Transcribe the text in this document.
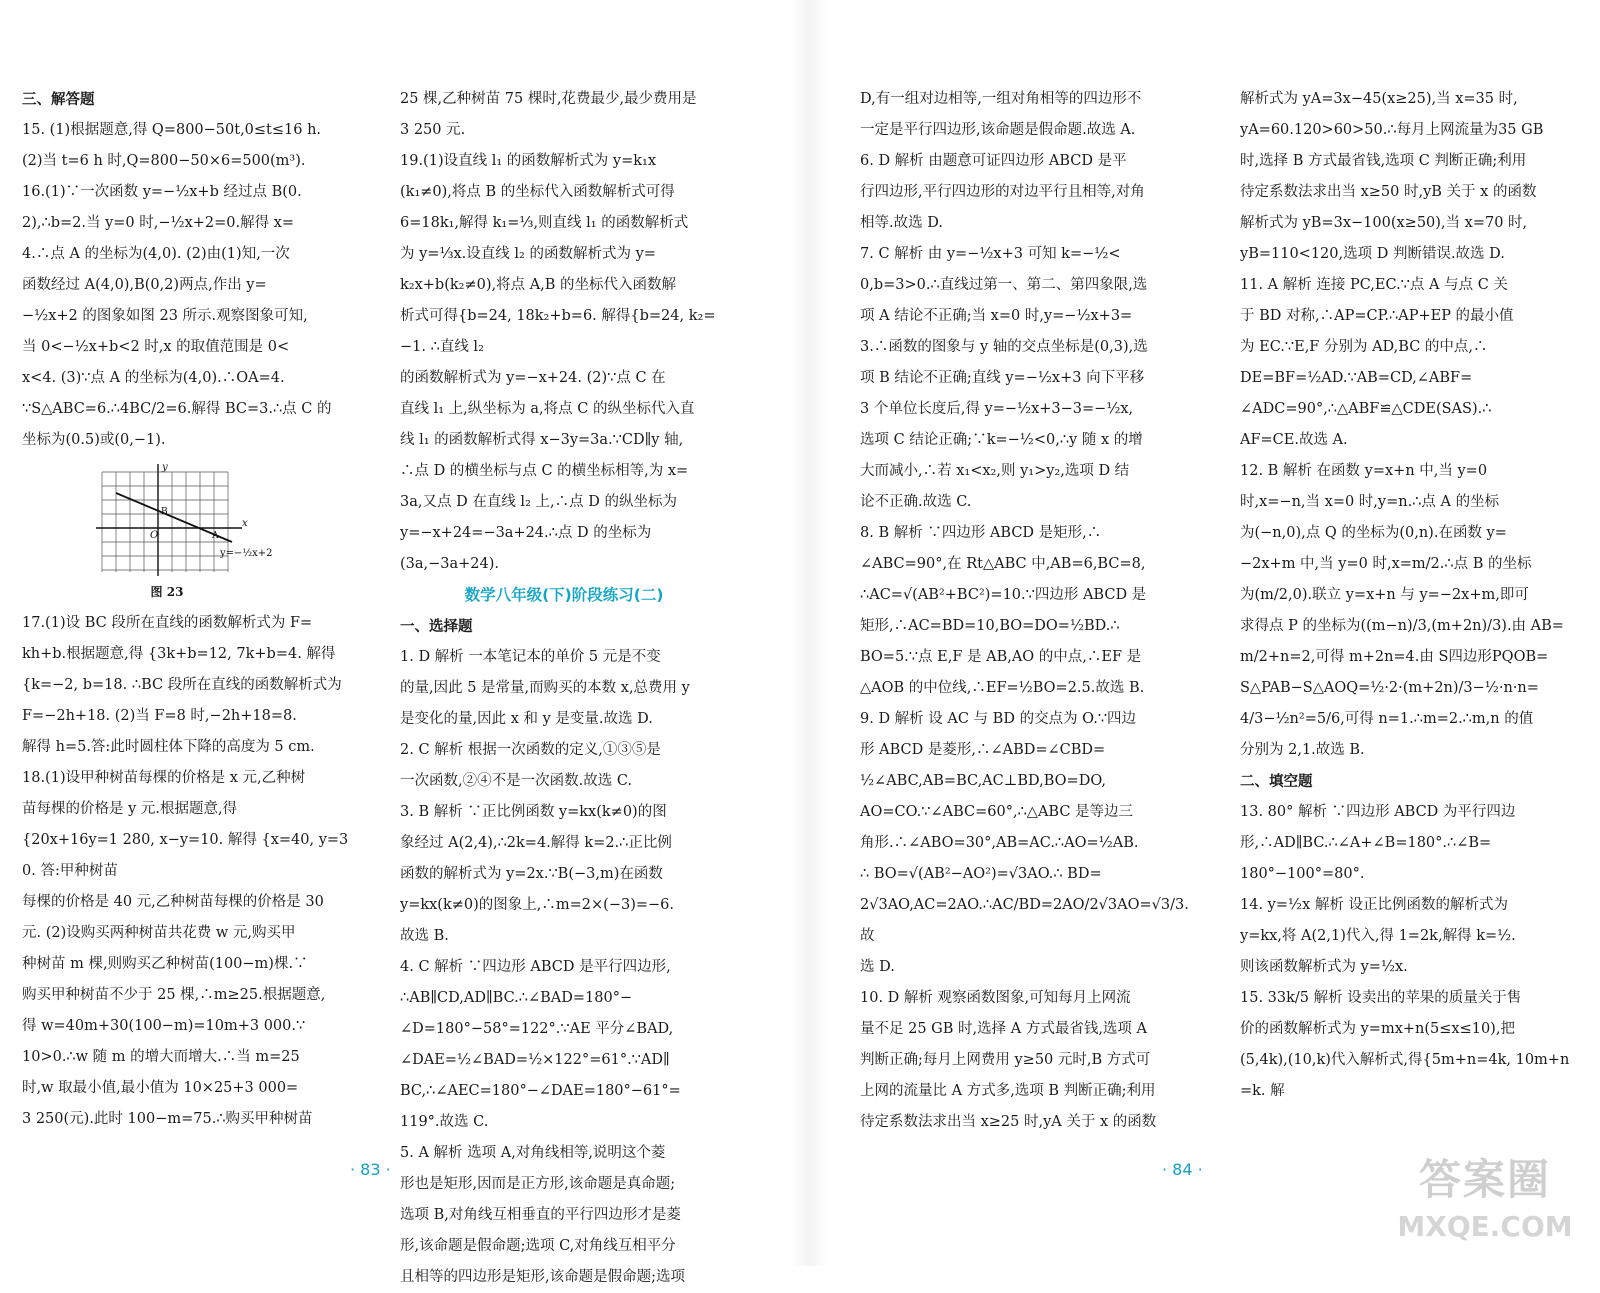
三、解答题

15. (1)根据题意,得 Q=800−50t,0≤t≤16 h.

(2)当 t=6 h 时,Q=800−50×6=500(m³).

16.(1)∵一次函数 y=−½x+b 经过点 B(0.

2),∴b=2.当 y=0 时,−½x+2=0.解得 x=

4.∴点 A 的坐标为(4,0). (2)由(1)知,一次

函数经过 A(4,0),B(0,2)两点,作出 y=

−½x+2 的图象如图 23 所示.观察图象可知,

当 0<−½x+b<2 时,x 的取值范围是 0<

x<4. (3)∵点 A 的坐标为(4,0).∴OA=4.

∵S△ABC=6.∴4BC/2=6.解得 BC=3.∴点 C 的

坐标为(0.5)或(0,−1).

O
y
x
B
A
y=−½x+2
图 23

17.(1)设 BC 段所在直线的函数解析式为 F=

kh+b.根据题意,得 {3k+b=12, 7k+b=4. 解得

{k=−2, b=18. ∴BC 段所在直线的函数解析式为

F=−2h+18. (2)当 F=8 时,−2h+18=8.

解得 h=5.答:此时圆柱体下降的高度为 5 cm.

18.(1)设甲种树苗每棵的价格是 x 元,乙种树

苗每棵的价格是 y 元.根据题意,得

{20x+16y=1 280, x−y=10. 解得 {x=40, y=30. 答:甲种树苗

每棵的价格是 40 元,乙种树苗每棵的价格是 30

元. (2)设购买两种树苗共花费 w 元,购买甲

种树苗 m 棵,则购买乙种树苗(100−m)棵.∵

购买甲种树苗不少于 25 棵,∴m≥25.根据题意,

得 w=40m+30(100−m)=10m+3 000.∵

10>0.∴w 随 m 的增大而增大.∴当 m=25

时,w 取最小值,最小值为 10×25+3 000=

3 250(元).此时 100−m=75.∴购买甲种树苗

25 棵,乙种树苗 75 棵时,花费最少,最少费用是

3 250 元.

19.(1)设直线 l₁ 的函数解析式为 y=k₁x

(k₁≠0),将点 B 的坐标代入函数解析式可得

6=18k₁,解得 k₁=⅓,则直线 l₁ 的函数解析式

为 y=⅓x.设直线 l₂ 的函数解析式为 y=

k₂x+b(k₂≠0),将点 A,B 的坐标代入函数解

析式可得{b=24, 18k₂+b=6. 解得{b=24, k₂=−1. ∴直线 l₂

的函数解析式为 y=−x+24. (2)∵点 C 在

直线 l₁ 上,纵坐标为 a,将点 C 的纵坐标代入直

线 l₁ 的函数解析式得 x−3y=3a.∵CD∥y 轴,

∴点 D 的横坐标与点 C 的横坐标相等,为 x=

3a,又点 D 在直线 l₂ 上,∴点 D 的纵坐标为

y=−x+24=−3a+24.∴点 D 的坐标为

(3a,−3a+24).

数学八年级(下)阶段练习(二)

一、选择题

1. D 解析 一本笔记本的单价 5 元是不变

的量,因此 5 是常量,而购买的本数 x,总费用 y

是变化的量,因此 x 和 y 是变量.故选 D.

2. C 解析 根据一次函数的定义,①③⑤是

一次函数,②④不是一次函数.故选 C.

3. B 解析 ∵正比例函数 y=kx(k≠0)的图

象经过 A(2,4),∴2k=4.解得 k=2.∴正比例

函数的解析式为 y=2x.∵B(−3,m)在函数

y=kx(k≠0)的图象上,∴m=2×(−3)=−6.

故选 B.

4. C 解析 ∵四边形 ABCD 是平行四边形,

∴AB∥CD,AD∥BC.∴∠BAD=180°−

∠D=180°−58°=122°.∵AE 平分∠BAD,

∠DAE=½∠BAD=½×122°=61°.∵AD∥

BC,∴∠AEC=180°−∠DAE=180°−61°=

119°.故选 C.

5. A 解析 选项 A,对角线相等,说明这个菱

形也是矩形,因而是正方形,该命题是真命题;

选项 B,对角线互相垂直的平行四边形才是菱

形,该命题是假命题;选项 C,对角线互相平分

且相等的四边形是矩形,该命题是假命题;选项

D,有一组对边相等,一组对角相等的四边形不

一定是平行四边形,该命题是假命题.故选 A.

6. D 解析 由题意可证四边形 ABCD 是平

行四边形,平行四边形的对边平行且相等,对角

相等.故选 D.

7. C 解析 由 y=−½x+3 可知 k=−½<

0,b=3>0.∴直线过第一、第二、第四象限,选

项 A 结论不正确;当 x=0 时,y=−½x+3=

3.∴函数的图象与 y 轴的交点坐标是(0,3),选

项 B 结论不正确;直线 y=−½x+3 向下平移

3 个单位长度后,得 y=−½x+3−3=−½x,

选项 C 结论正确;∵k=−½<0,∴y 随 x 的增

大而减小,∴若 x₁<x₂,则 y₁>y₂,选项 D 结

论不正确.故选 C.

8. B 解析 ∵四边形 ABCD 是矩形,∴

∠ABC=90°,在 Rt△ABC 中,AB=6,BC=8,

∴AC=√(AB²+BC²)=10.∵四边形 ABCD 是

矩形,∴AC=BD=10,BO=DO=½BD.∴

BO=5.∵点 E,F 是 AB,AO 的中点,∴EF 是

△AOB 的中位线,∴EF=½BO=2.5.故选 B.

9. D 解析 设 AC 与 BD 的交点为 O.∵四边

形 ABCD 是菱形,∴∠ABD=∠CBD=

½∠ABC,AB=BC,AC⊥BD,BO=DO,

AO=CO.∵∠ABC=60°,∴△ABC 是等边三

角形.∴∠ABO=30°,AB=AC.∴AO=½AB.

∴ BO=√(AB²−AO²)=√3AO.∴ BD=

2√3AO,AC=2AO.∴AC/BD=2AO/2√3AO=√3/3.故

选 D.

10. D 解析 观察函数图象,可知每月上网流

量不足 25 GB 时,选择 A 方式最省钱,选项 A

判断正确;每月上网费用 y≥50 元时,B 方式可

上网的流量比 A 方式多,选项 B 判断正确;利用

待定系数法求出当 x≥25 时,yA 关于 x 的函数

解析式为 yA=3x−45(x≥25),当 x=35 时,

yA=60.120>60>50.∴每月上网流量为35 GB

时,选择 B 方式最省钱,选项 C 判断正确;利用

待定系数法求出当 x≥50 时,yB 关于 x 的函数

解析式为 yB=3x−100(x≥50),当 x=70 时,

yB=110<120,选项 D 判断错误.故选 D.

11. A 解析 连接 PC,EC.∵点 A 与点 C 关

于 BD 对称,∴AP=CP.∴AP+EP 的最小值

为 EC.∵E,F 分别为 AD,BC 的中点,∴

DE=BF=½AD.∵AB=CD,∠ABF=

∠ADC=90°,∴△ABF≌△CDE(SAS).∴

AF=CE.故选 A.

12. B 解析 在函数 y=x+n 中,当 y=0

时,x=−n,当 x=0 时,y=n.∴点 A 的坐标

为(−n,0),点 Q 的坐标为(0,n).在函数 y=

−2x+m 中,当 y=0 时,x=m/2.∴点 B 的坐标

为(m/2,0).联立 y=x+n 与 y=−2x+m,即可

求得点 P 的坐标为((m−n)/3,(m+2n)/3).由 AB=

m/2+n=2,可得 m+2n=4.由 S四边形PQOB=

S△PAB−S△AOQ=½·2·(m+2n)/3−½·n·n=

4/3−½n²=5/6,可得 n=1.∴m=2.∴m,n 的值

分别为 2,1.故选 B.

二、填空题

13. 80° 解析 ∵四边形 ABCD 为平行四边

形,∴AD∥BC.∴∠A+∠B=180°.∴∠B=

180°−100°=80°.

14. y=½x 解析 设正比例函数的解析式为

y=kx,将 A(2,1)代入,得 1=2k,解得 k=½.

则该函数解析式为 y=½x.

15. 33k/5 解析 设卖出的苹果的质量关于售

价的函数解析式为 y=mx+n(5≤x≤10),把

(5,4k),(10,k)代入解析式,得{5m+n=4k, 10m+n=k. 解

· 83 ·	· 84 ·	答案圈
MXQE.COM
